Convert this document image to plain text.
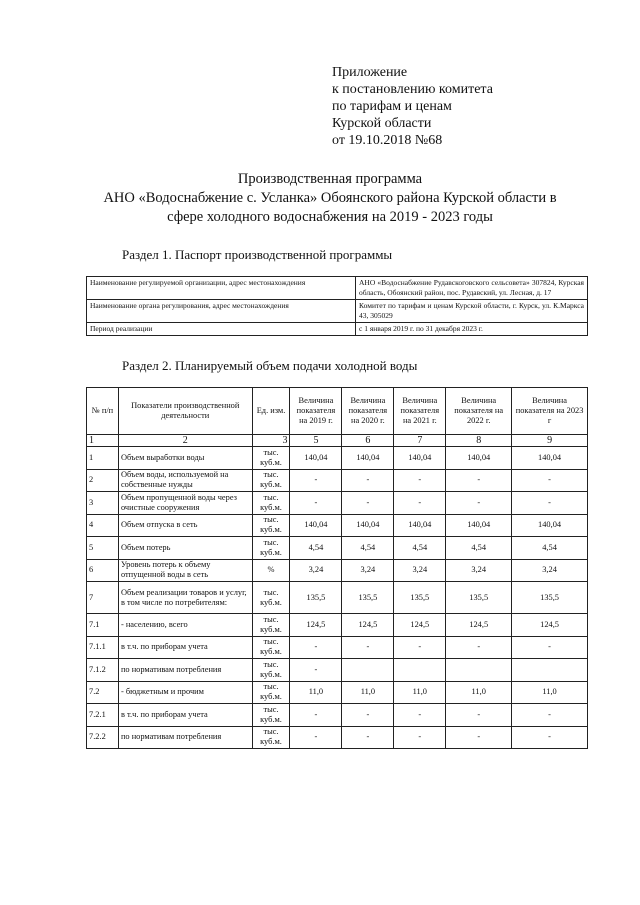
Приложение
к постановлению комитета
по тарифам и ценам
Курской области
от 19.10.2018 №68
Производственная программа
АНО «Водоснабжение с. Усланка» Обоянского района Курской области в
сфере холодного водоснабжения на 2019 - 2023 годы
Раздел 1. Паспорт производственной программы
Наименование регулируемой организации, адрес местонахождения	АНО «Водоснабжение Рудавскоговского сельсовета» 307824, Курская область, Обоянский район, пос. Рудавский, ул. Лесная, д. 17
Наименование органа регулирования, адрес местонахождения	Комитет по тарифам и ценам Курской области, г. Курск, ул. К.Маркса 43, 305029
Период реализации	с 1 января 2019 г. по 31 декабря 2023 г.
Раздел 2. Планируемый объем подачи холодной воды
№ п/п	Показатели производственной деятельности	Ед. изм.	Величина показателя на 2019 г.	Величина показателя на 2020 г.	Величина показателя на 2021 г.	Величина показателя на 2022 г.	Величина показателя на 2023 г
1	2	3	5	6	7	8	9
1	Объем выработки воды	тыс. куб.м.	140,04	140,04	140,04	140,04	140,04
2	Объем воды, используемой на собственные нужды	тыс. куб.м.	-	-	-	-	-
3	Объем пропущенной воды через очистные сооружения	тыс. куб.м.	-	-	-	-	-
4	Объем отпуска в сеть	тыс. куб.м.	140,04	140,04	140,04	140,04	140,04
5	Объем потерь	тыс. куб.м.	4,54	4,54	4,54	4,54	4,54
6	Уровень потерь к объему отпущенной воды в сеть	%	3,24	3,24	3,24	3,24	3,24
7	Объем реализации товаров и услуг, в том числе по потребителям:	тыс. куб.м.	135,5	135,5	135,5	135,5	135,5
7.1	- населению, всего	тыс. куб.м.	124,5	124,5	124,5	124,5	124,5
7.1.1	в т.ч. по приборам учета	тыс. куб.м.	-	-	-	-	-
7.1.2	по нормативам потребления	тыс. куб.м.	-				
7.2	- бюджетным и прочим	тыс. куб.м.	11,0	11,0	11,0	11,0	11,0
7.2.1	в т.ч. по приборам учета	тыс. куб.м.	-	-	-	-	-
7.2.2	по нормативам потребления	тыс. куб.м.	-	-	-	-	-
